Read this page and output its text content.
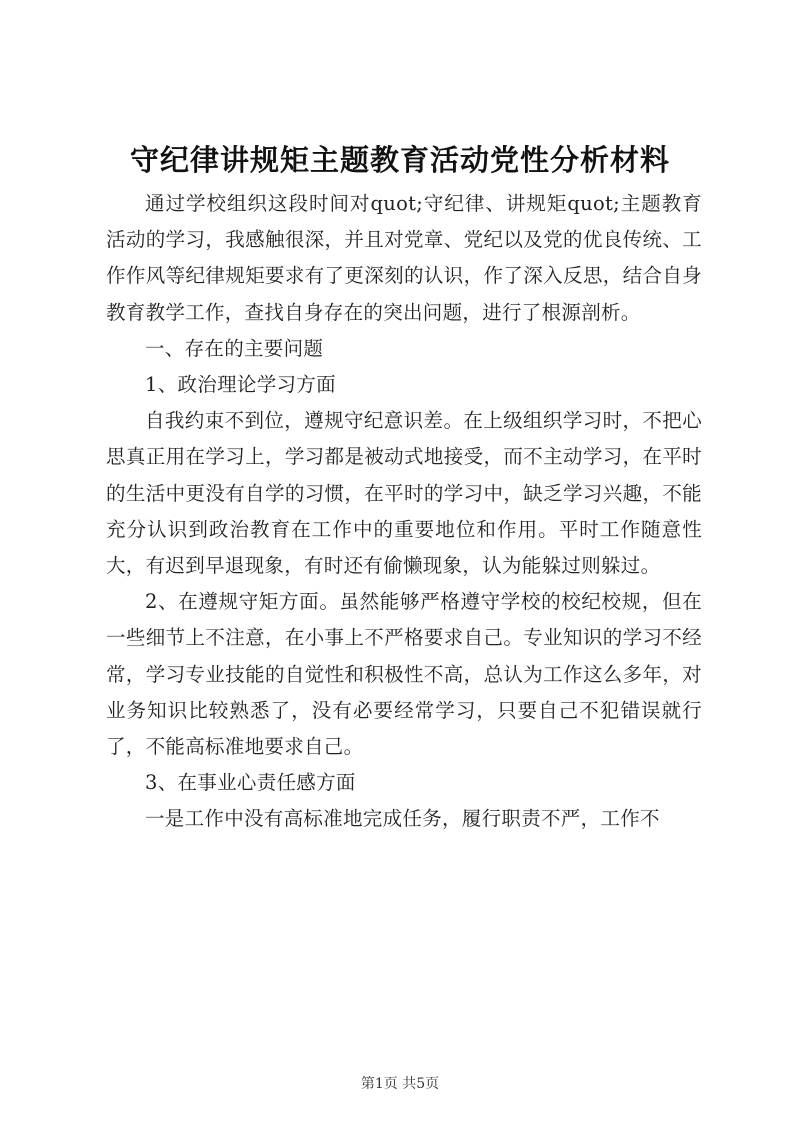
守纪律讲规矩主题教育活动党性分析材料

通过学校组织这段时间对quot;守纪律、讲规矩quot;主题教育活动的学习，我感触很深，并且对党章、党纪以及党的优良传统、工作作风等纪律规矩要求有了更深刻的认识，作了深入反思，结合自身教育教学工作，查找自身存在的突出问题，进行了根源剖析。

一、存在的主要问题

1、政治理论学习方面

自我约束不到位，遵规守纪意识差。在上级组织学习时，不把心思真正用在学习上，学习都是被动式地接受，而不主动学习，在平时的生活中更没有自学的习惯，在平时的学习中，缺乏学习兴趣，不能充分认识到政治教育在工作中的重要地位和作用。平时工作随意性大，有迟到早退现象，有时还有偷懒现象，认为能躲过则躲过。

2、在遵规守矩方面。虽然能够严格遵守学校的校纪校规，但在一些细节上不注意，在小事上不严格要求自己。专业知识的学习不经常，学习专业技能的自觉性和积极性不高，总认为工作这么多年，对业务知识比较熟悉了，没有必要经常学习，只要自己不犯错误就行了，不能高标准地要求自己。

3、在事业心责任感方面

一是工作中没有高标准地完成任务，履行职责不严，工作不

第1页 共5页
